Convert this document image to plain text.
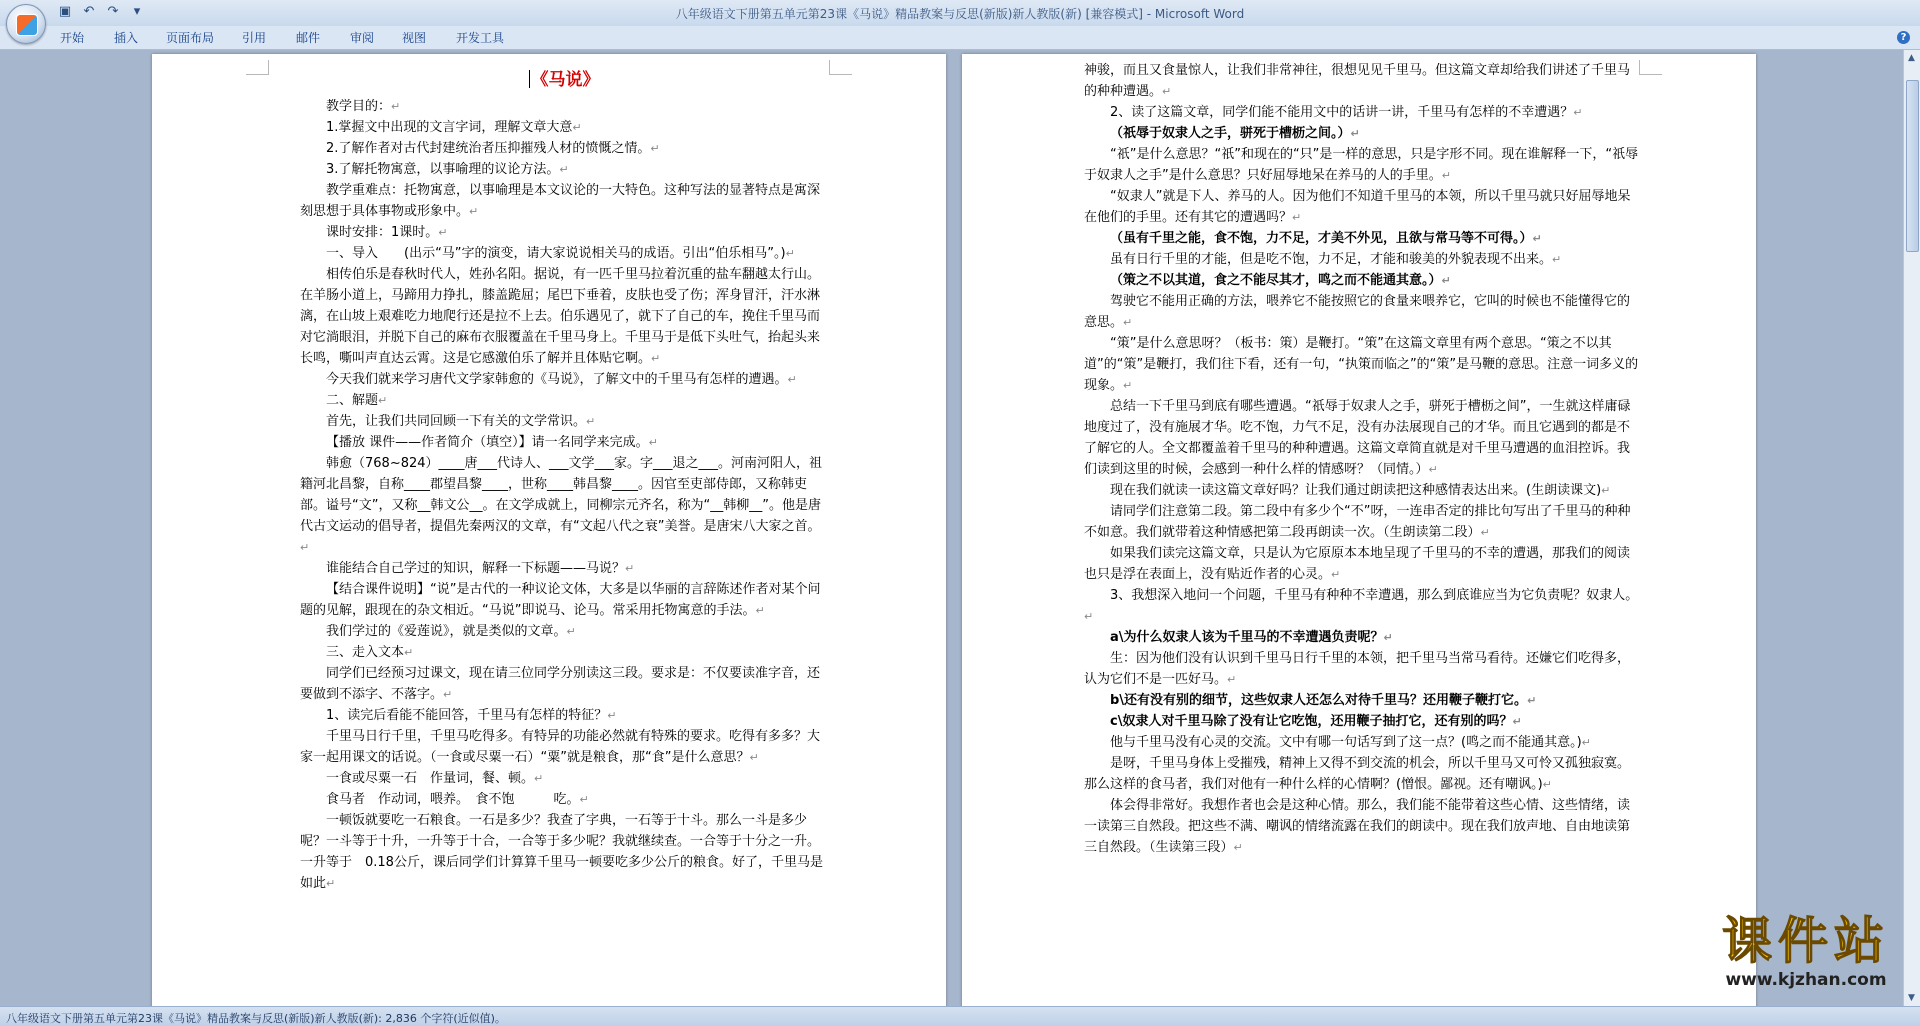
▣ ↶ ↷	▾	八年级语文下册第五单元第23课《马说》精品教案与反思(新版)新人教版(新) [兼容模式] - Microsoft Word
开始 插入 页面布局 引用 邮件 审阅 视图 开发工具	?
《马说》

教学目的：↵

1.掌握文中出现的文言字词，理解文章大意↵

2.了解作者对古代封建统治者压抑摧残人材的愤慨之情。↵

3.了解托物寓意，以事喻理的议论方法。↵

教学重难点：托物寓意，以事喻理是本文议论的一大特色。这种写法的显著特点是寓深刻思想于具体事物或形象中。↵

课时安排：1课时。↵

一、导入　　(出示“马”字的演变，请大家说说相关马的成语。引出“伯乐相马”。)↵

相传伯乐是春秋时代人，姓孙名阳。据说，有一匹千里马拉着沉重的盐车翻越太行山。在羊肠小道上，马蹄用力挣扎，膝盖跪屈；尾巴下垂着，皮肤也受了伤；浑身冒汗，汗水淋漓，在山坡上艰难吃力地爬行还是拉不上去。伯乐遇见了，就下了自己的车，挽住千里马而对它淌眼泪，并脱下自己的麻布衣服覆盖在千里马身上。千里马于是低下头吐气，抬起头来长鸣，嘶叫声直达云霄。这是它感激伯乐了解并且体贴它啊。↵

今天我们就来学习唐代文学家韩愈的《马说》，了解文中的千里马有怎样的遭遇。↵

二、解题↵

首先，让我们共同回顾一下有关的文学常识。↵

【播放 课件——作者简介（填空）】请一名同学来完成。↵

韩愈（768~824）____唐___代诗人、___文学___家。字___退之___。河南河阳人，祖籍河北昌黎，自称____郡望昌黎____，世称____韩昌黎____。因官至吏部侍郎，又称韩吏部。谥号“文”，又称__韩文公__。在文学成就上，同柳宗元齐名，称为“__韩柳__”。他是唐代古文运动的倡导者，提倡先秦两汉的文章，有“文起八代之衰”美誉。是唐宋八大家之首。↵

谁能结合自己学过的知识，解释一下标题——马说？↵

【结合课件说明】“说”是古代的一种议论文体，大多是以华丽的言辞陈述作者对某个问题的见解，跟现在的杂文相近。“马说”即说马、论马。常采用托物寓意的手法。↵

我们学过的《爱莲说》，就是类似的文章。↵

三、走入文本↵

同学们已经预习过课文，现在请三位同学分别读这三段。要求是：不仅要读准字音，还要做到不添字、不落字。↵

1、读完后看能不能回答，千里马有怎样的特征？↵

千里马日行千里，千里马吃得多。有特异的功能必然就有特殊的要求。吃得有多多？大家一起用课文的话说。（一食或尽粟一石）“粟”就是粮食，那“食”是什么意思？↵

一食或尽粟一石　作量词，餐、顿。↵

食马者　作动词，喂养。　食不饱　　　吃。↵

一顿饭就要吃一石粮食。一石是多少？我查了字典，一石等于十斗。那么一斗是多少呢？一斗等于十升，一升等于十合，一合等于多少呢？我就继续查。一合等于十分之一升。一升等于　0.18公斤，课后同学们计算算千里马一顿要吃多少公斤的粮食。好了，千里马是如此↵

神骏，而且又食量惊人，让我们非常神往，很想见见千里马。但这篇文章却给我们讲述了千里马的种种遭遇。↵

2、读了这篇文章，同学们能不能用文中的话讲一讲，千里马有怎样的不幸遭遇？↵

（祇辱于奴隶人之手，骈死于槽枥之间。）↵

“祇”是什么意思？“祇”和现在的“只”是一样的意思，只是字形不同。现在谁解释一下，“祇辱于奴隶人之手”是什么意思？只好屈辱地呆在养马的人的手里。↵

“奴隶人”就是下人、养马的人。因为他们不知道千里马的本领，所以千里马就只好屈辱地呆在他们的手里。还有其它的遭遇吗？↵

（虽有千里之能，食不饱，力不足，才美不外见，且欲与常马等不可得。）↵

虽有日行千里的才能，但是吃不饱，力不足，才能和骏美的外貌表现不出来。↵

（策之不以其道，食之不能尽其才，鸣之而不能通其意。）↵

驾驶它不能用正确的方法，喂养它不能按照它的食量来喂养它，它叫的时候也不能懂得它的意思。↵

“策”是什么意思呀？（板书：策）是鞭打。“策”在这篇文章里有两个意思。“策之不以其道”的“策”是鞭打，我们往下看，还有一句，“执策而临之”的“策”是马鞭的意思。注意一词多义的现象。↵

总结一下千里马到底有哪些遭遇。“祇辱于奴隶人之手，骈死于槽枥之间”，一生就这样庸碌地度过了，没有施展才华。吃不饱，力气不足，没有办法展现自己的才华。而且它遇到的都是不了解它的人。全文都覆盖着千里马的种种遭遇。这篇文章简直就是对千里马遭遇的血泪控诉。我们读到这里的时候，会感到一种什么样的情感呀？（同情。）↵

现在我们就读一读这篇文章好吗？让我们通过朗读把这种感情表达出来。(生朗读课文)↵

请同学们注意第二段。第二段中有多少个“不”呀，一连串否定的排比句写出了千里马的种种不如意。我们就带着这种情感把第二段再朗读一次。（生朗读第二段）↵

如果我们读完这篇文章，只是认为它原原本本地呈现了千里马的不幸的遭遇，那我们的阅读也只是浮在表面上，没有贴近作者的心灵。↵

3、我想深入地问一个问题，千里马有种种不幸遭遇，那么到底谁应当为它负责呢？奴隶人。↵

a\为什么奴隶人该为千里马的不幸遭遇负责呢？↵

生：因为他们没有认识到千里马日行千里的本领，把千里马当常马看待。还嫌它们吃得多，认为它们不是一匹好马。↵

b\还有没有别的细节，这些奴隶人还怎么对待千里马？还用鞭子鞭打它。↵

c\奴隶人对千里马除了没有让它吃饱，还用鞭子抽打它，还有别的吗？↵

他与千里马没有心灵的交流。文中有哪一句话写到了这一点？(鸣之而不能通其意。)↵

是呀，千里马身体上受摧残，精神上又得不到交流的机会，所以千里马又可怜又孤独寂寞。那么这样的食马者，我们对他有一种什么样的心情啊？(憎恨。鄙视。还有嘲讽。)↵

体会得非常好。我想作者也会是这种心情。那么，我们能不能带着这些心情、这些情绪，读一读第三自然段。把这些不满、嘲讽的情绪流露在我们的朗读中。现在我们放声地、自由地读第三自然段。（生读第三段）↵

▲
▼
八年级语文下册第五单元第23课《马说》精品教案与反思(新版)新人教版(新): 2,836 个字符(近似值)。
课件站
www.kjzhan.com
